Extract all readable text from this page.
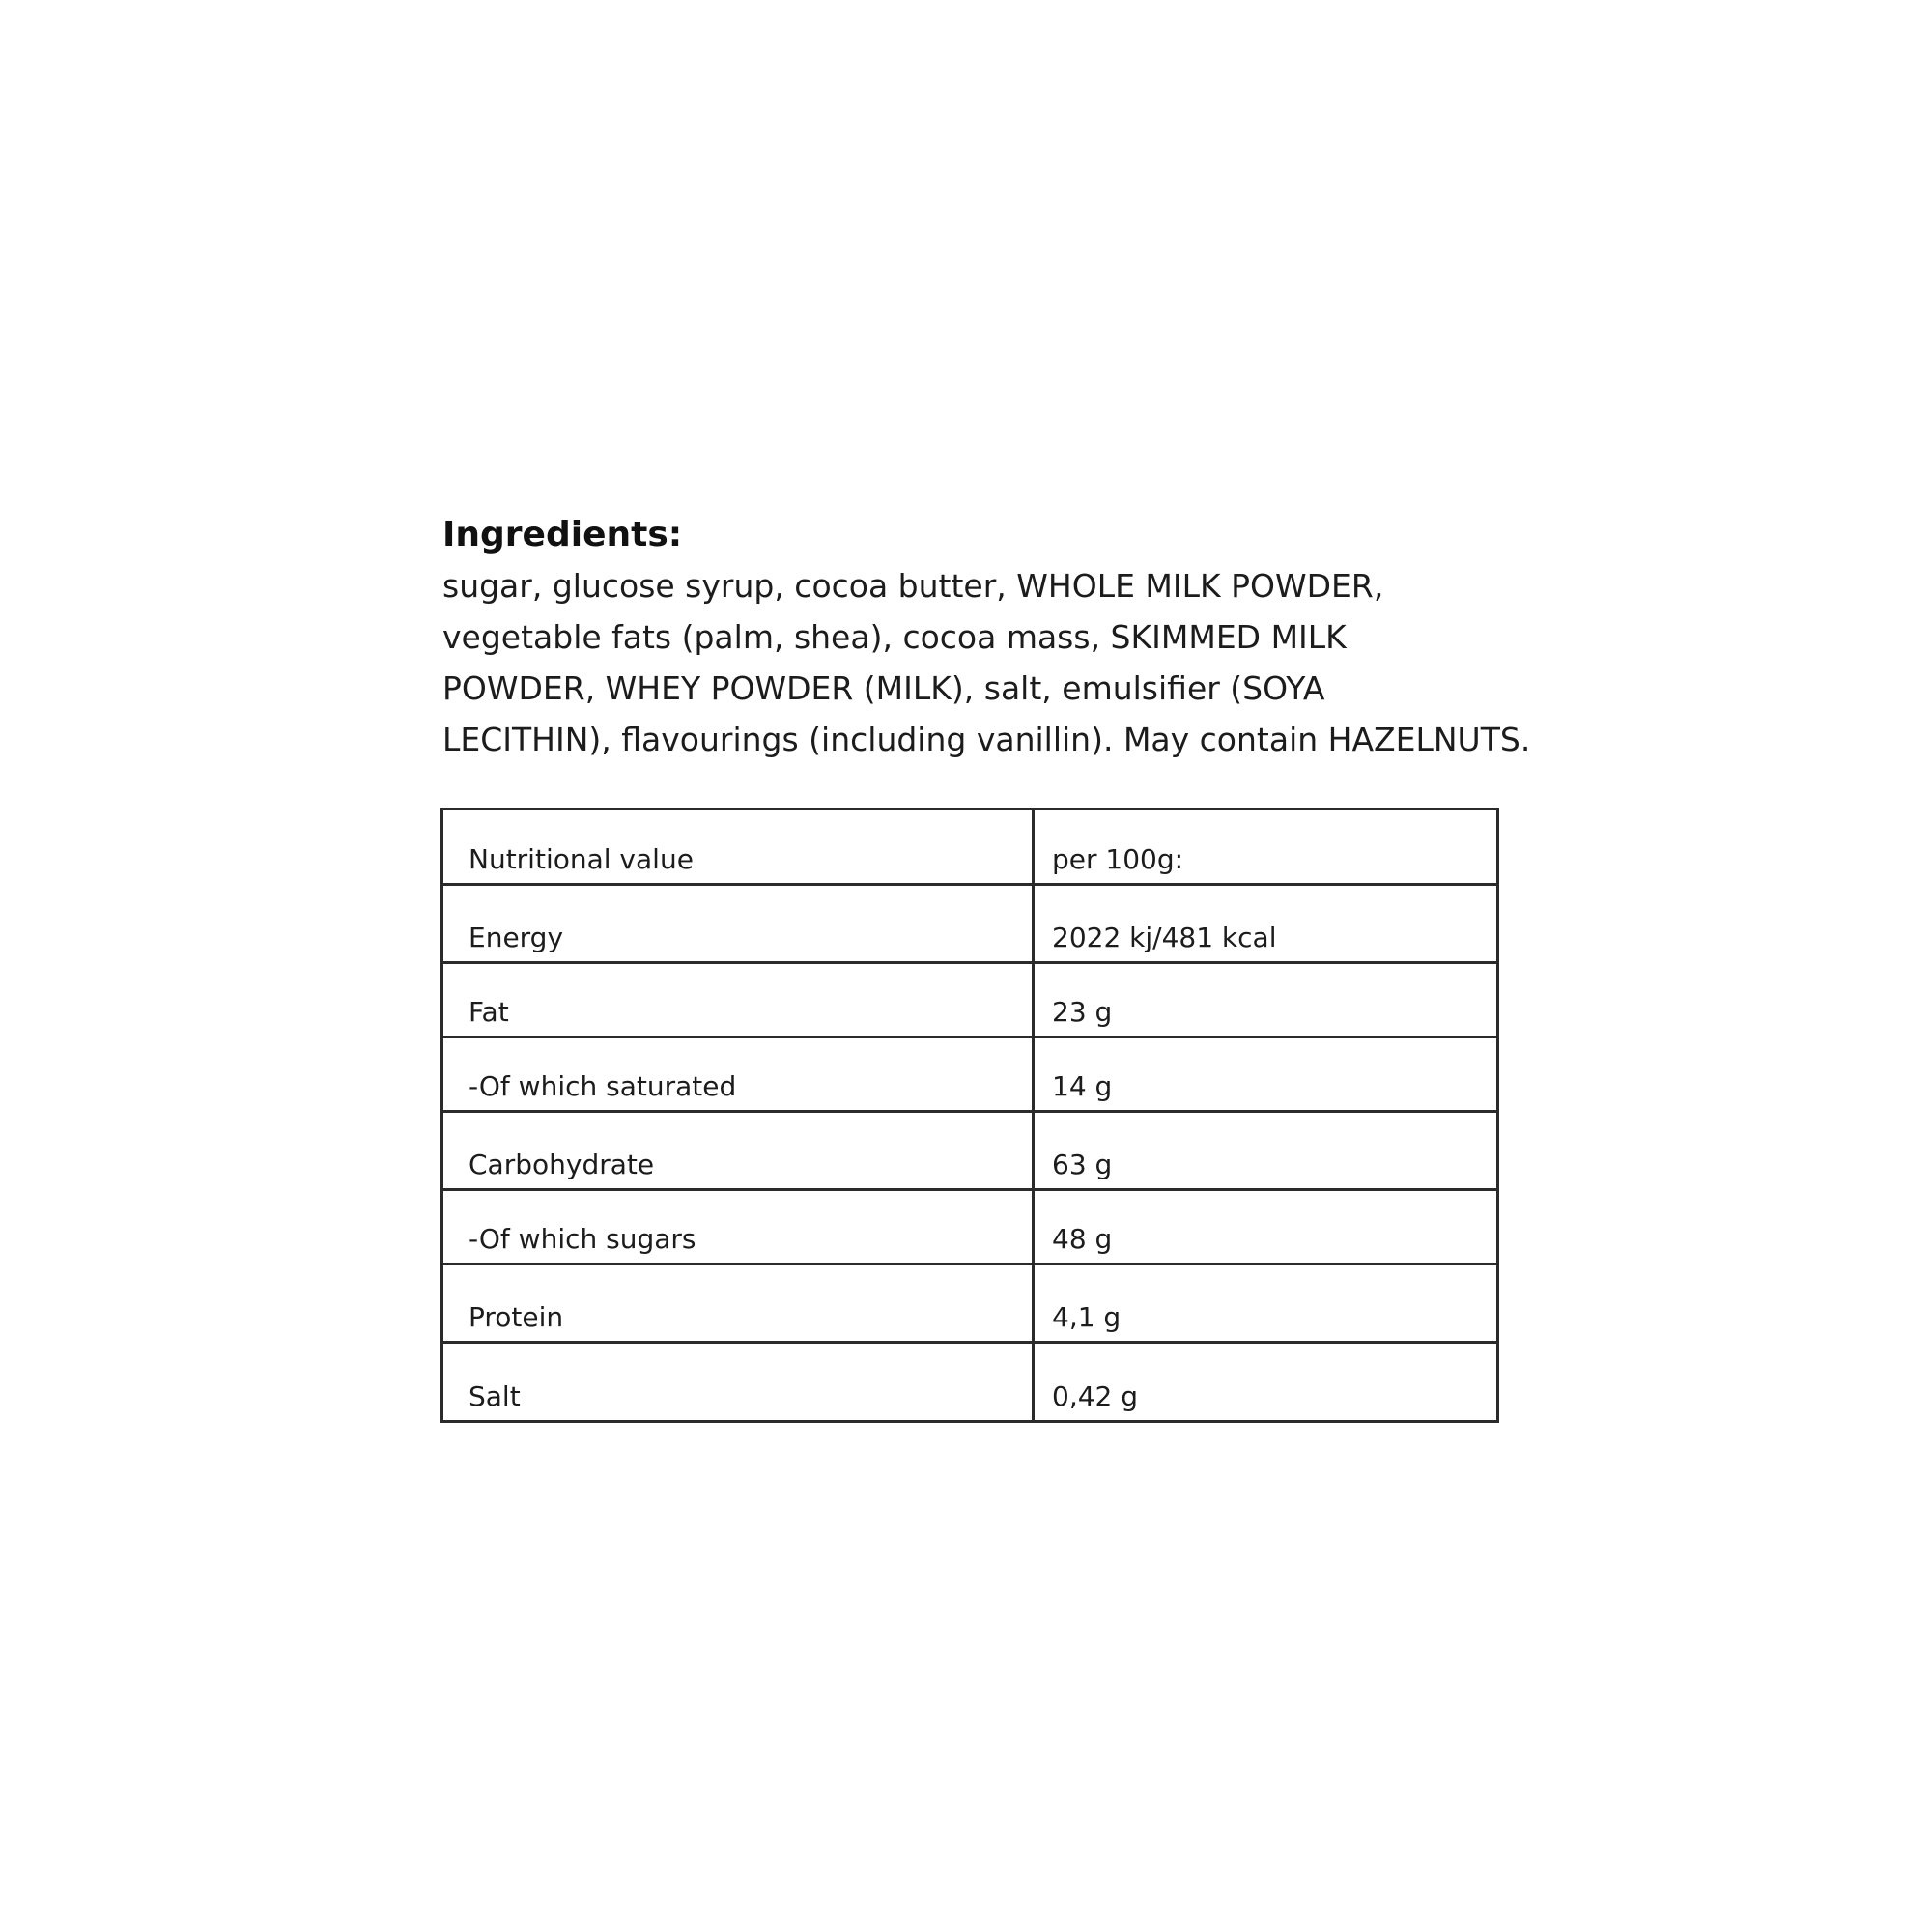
Ingredients:

sugar, glucose syrup, cocoa butter, WHOLE MILK POWDER,

vegetable fats (palm, shea), cocoa mass, SKIMMED MILK

POWDER, WHEY POWDER (MILK), salt, emulsifier (SOYA

LECITHIN), flavourings (including vanillin). May contain HAZELNUTS.

Nutritional value	per 100g:
Energy	2022 kj/481 kcal
Fat	23 g
-Of which saturated	14 g
Carbohydrate	63 g
-Of which sugars	48 g
Protein	4,1 g
Salt	0,42 g
